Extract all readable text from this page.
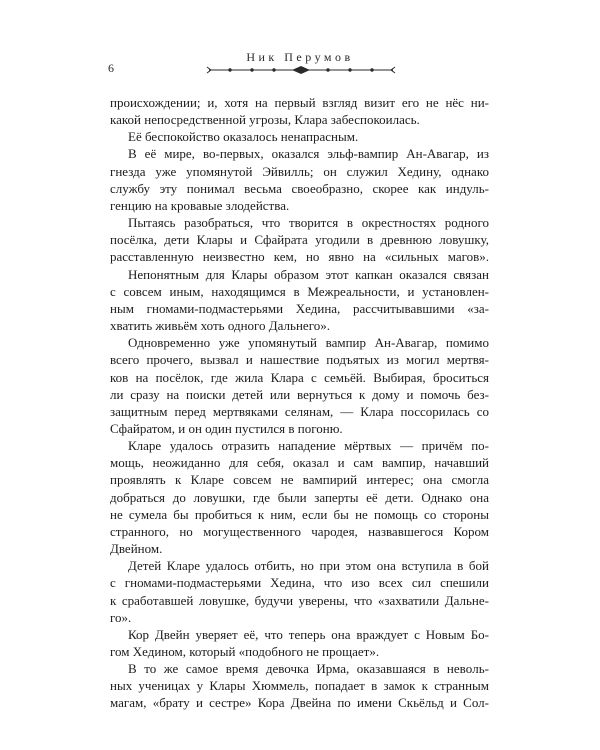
Ник Перумов
6
происхождении; и, хотя на первый взгляд визит его не нёс ни-
какой непосредственной угрозы, Клара забеспокоилась.
Её беспокойство оказалось ненапрасным.
В её мире, во-первых, оказался эльф-вампир Ан-Авагар, из
гнезда уже упомянутой Эйвилль; он служил Хедину, однако
службу эту понимал весьма своеобразно, скорее как индуль-
генцию на кровавые злодейства.
Пытаясь разобраться, что творится в окрестностях родного
посёлка, дети Клары и Сфайрата угодили в древнюю ловушку,
расставленную неизвестно кем, но явно на «сильных магов».
Непонятным для Клары образом этот капкан оказался связан
с совсем иным, находящимся в Межреальности, и установлен-
ным гномами-подмастерьями Хедина, рассчитывавшими «за-
хватить живьём хоть одного Дальнего».
Одновременно уже упомянутый вампир Ан-Авагар, помимо
всего прочего, вызвал и нашествие подъятых из могил мертвя-
ков на посёлок, где жила Клара с семьёй. Выбирая, броситься
ли сразу на поиски детей или вернуться к дому и помочь без-
защитным перед мертвяками селянам, — Клара поссорилась со
Сфайратом, и он один пустился в погоню.
Кларе удалось отразить нападение мёртвых — причём по-
мощь, неожиданно для себя, оказал и сам вампир, начавший
проявлять к Кларе совсем не вампирий интерес; она смогла
добраться до ловушки, где были заперты её дети. Однако она
не сумела бы пробиться к ним, если бы не помощь со стороны
странного, но могущественного чародея, назвавшегося Кором
Двейном.
Детей Кларе удалось отбить, но при этом она вступила в бой
с гномами-подмастерьями Хедина, что изо всех сил спешили
к сработавшей ловушке, будучи уверены, что «захватили Дальне-
го».
Кор Двейн уверяет её, что теперь она враждует с Новым Бо-
гом Хедином, который «подобного не прощает».
В то же самое время девочка Ирма, оказавшаяся в невoль-
ных ученицах у Клары Хюммель, попадает в замок к странным
магам, «брату и сестре» Кора Двейна по имени Скьёльд и Сол-
